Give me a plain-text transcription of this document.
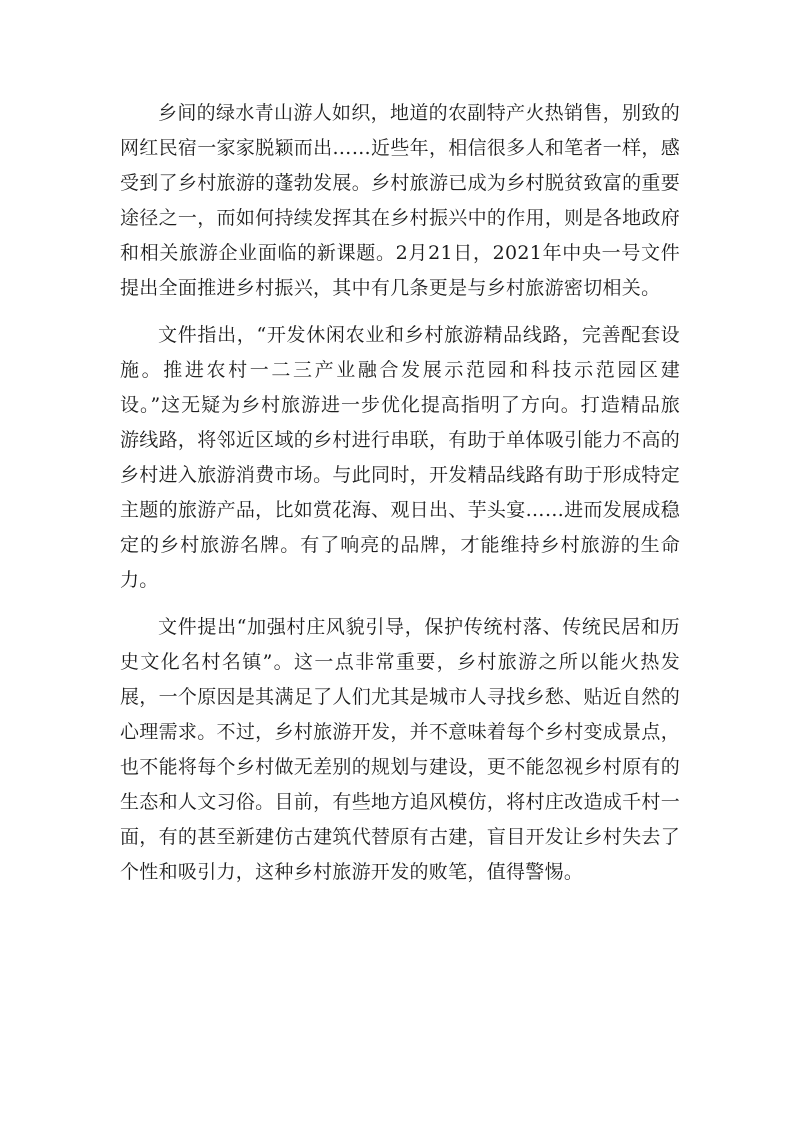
乡间的绿水青山游人如织，地道的农副特产火热销售，别致的网红民宿一家家脱颖而出……近些年，相信很多人和笔者一样，感受到了乡村旅游的蓬勃发展。乡村旅游已成为乡村脱贫致富的重要途径之一，而如何持续发挥其在乡村振兴中的作用，则是各地政府和相关旅游企业面临的新课题。2月21日，2021年中央一号文件提出全面推进乡村振兴，其中有几条更是与乡村旅游密切相关。

文件指出，“开发休闲农业和乡村旅游精品线路，完善配套设施。推进农村一二三产业融合发展示范园和科技示范园区建设。”这无疑为乡村旅游进一步优化提高指明了方向。打造精品旅游线路，将邻近区域的乡村进行串联，有助于单体吸引能力不高的乡村进入旅游消费市场。与此同时，开发精品线路有助于形成特定主题的旅游产品，比如赏花海、观日出、芋头宴……进而发展成稳定的乡村旅游名牌。有了响亮的品牌，才能维持乡村旅游的生命力。

文件提出“加强村庄风貌引导，保护传统村落、传统民居和历史文化名村名镇”。这一点非常重要，乡村旅游之所以能火热发展，一个原因是其满足了人们尤其是城市人寻找乡愁、贴近自然的心理需求。不过，乡村旅游开发，并不意味着每个乡村变成景点，也不能将每个乡村做无差别的规划与建设，更不能忽视乡村原有的生态和人文习俗。目前，有些地方追风模仿，将村庄改造成千村一面，有的甚至新建仿古建筑代替原有古建，盲目开发让乡村失去了个性和吸引力，这种乡村旅游开发的败笔，值得警惕。
